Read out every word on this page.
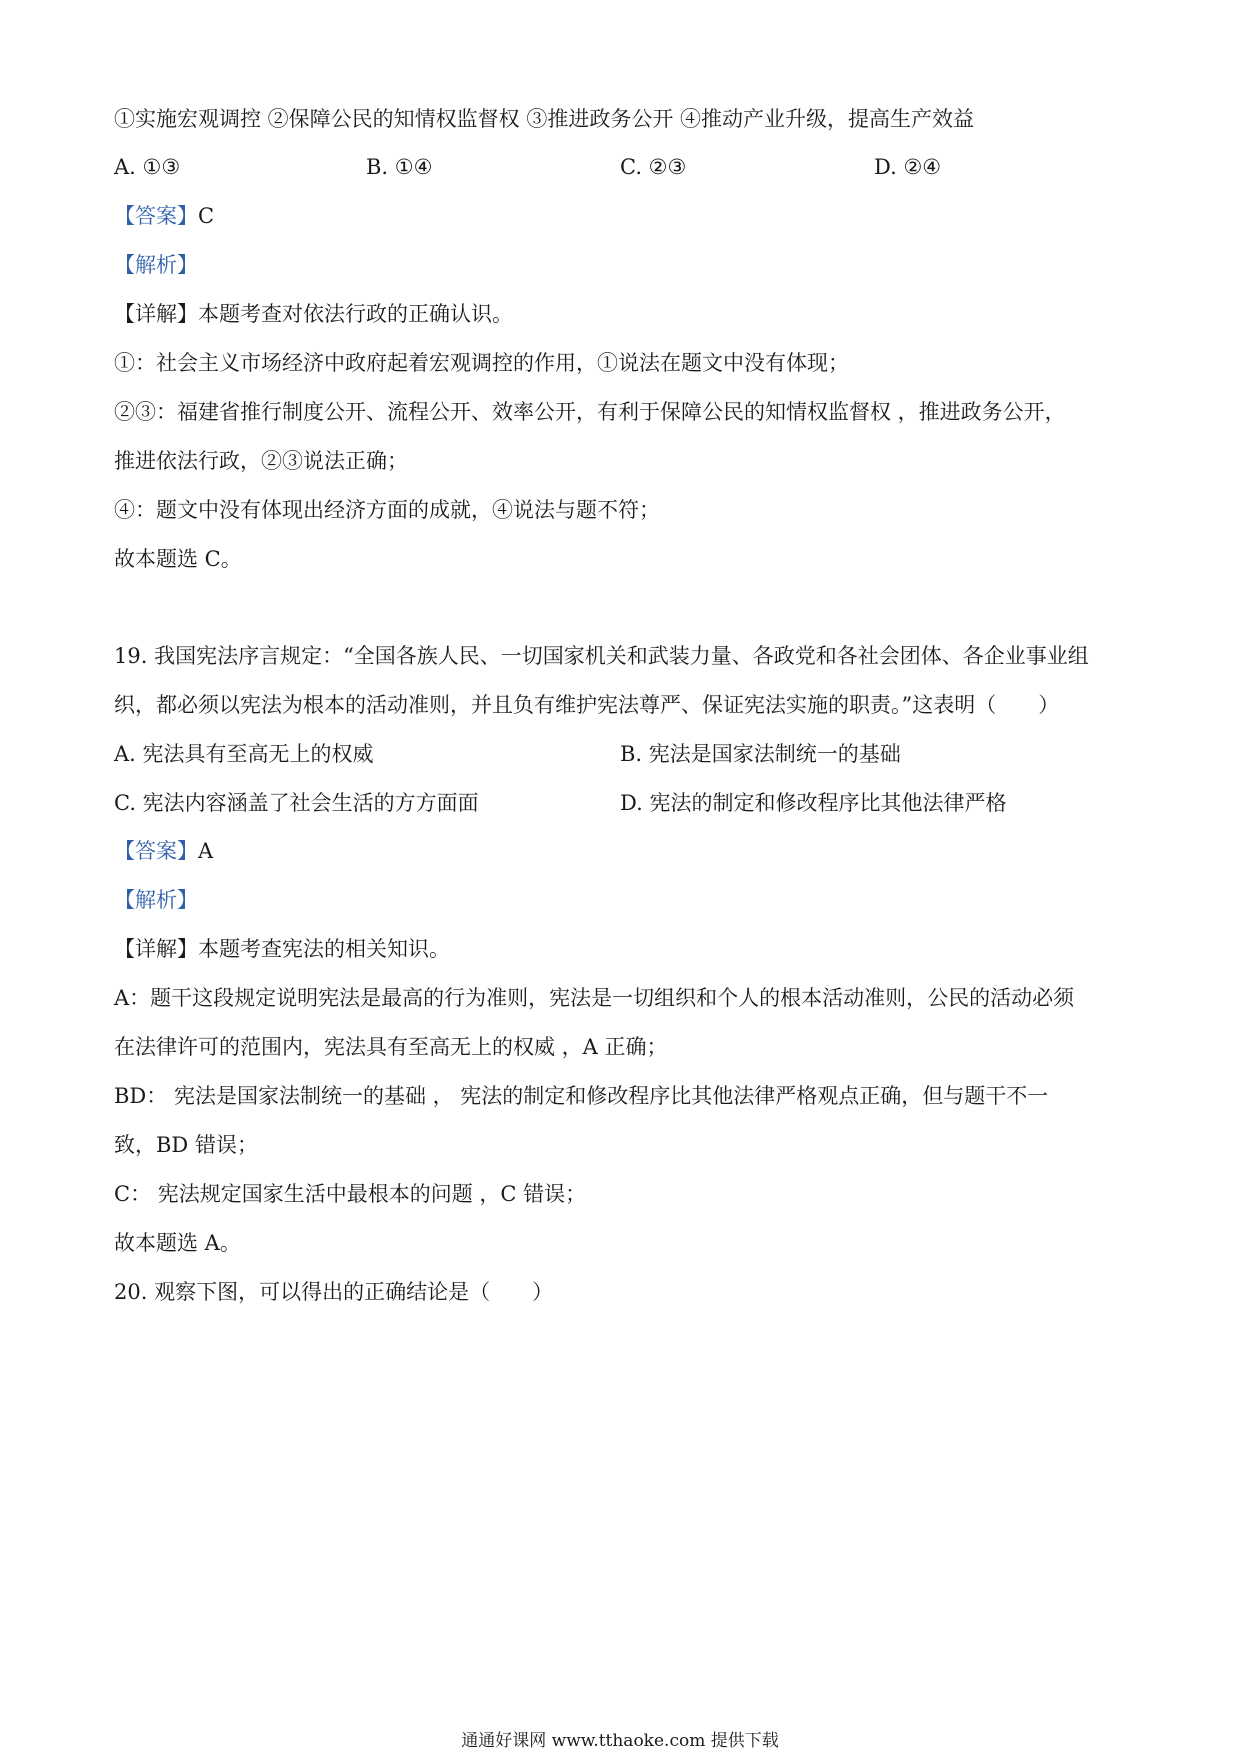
①实施宏观调控 ②保障公民的知情权监督权 ③推进政务公开 ④推动产业升级，提高生产效益
A. ①③	B. ①④	C. ②③	D. ②④
【答案】C
【解析】
【详解】本题考查对依法行政的正确认识。
①：社会主义市场经济中政府起着宏观调控的作用，①说法在题文中没有体现；
②③：福建省推行制度公开、流程公开、效率公开，有利于保障公民的知情权监督权 ，推进政务公开，
推进依法行政，②③说法正确；
④：题文中没有体现出经济方面的成就，④说法与题不符；
故本题选 C。
19. 我国宪法序言规定：“全国各族人民、一切国家机关和武装力量、各政党和各社会团体、各企业事业组
织，都必须以宪法为根本的活动准则，并且负有维护宪法尊严、保证宪法实施的职责。”这表明（　　）
A. 宪法具有至高无上的权威	B. 宪法是国家法制统一的基础
C. 宪法内容涵盖了社会生活的方方面面	D. 宪法的制定和修改程序比其他法律严格
【答案】A
【解析】
【详解】本题考查宪法的相关知识。
A：题干这段规定说明宪法是最高的行为准则，宪法是一切组织和个人的根本活动准则，公民的活动必须
在法律许可的范围内，宪法具有至高无上的权威 ，A 正确；
BD： 宪法是国家法制统一的基础 ， 宪法的制定和修改程序比其他法律严格观点正确，但与题干不一
致，BD 错误；
C： 宪法规定国家生活中最根本的问题 ，C 错误；
故本题选 A。
20. 观察下图，可以得出的正确结论是（　　）
通通好课网 www.tthaoke.com 提供下载
